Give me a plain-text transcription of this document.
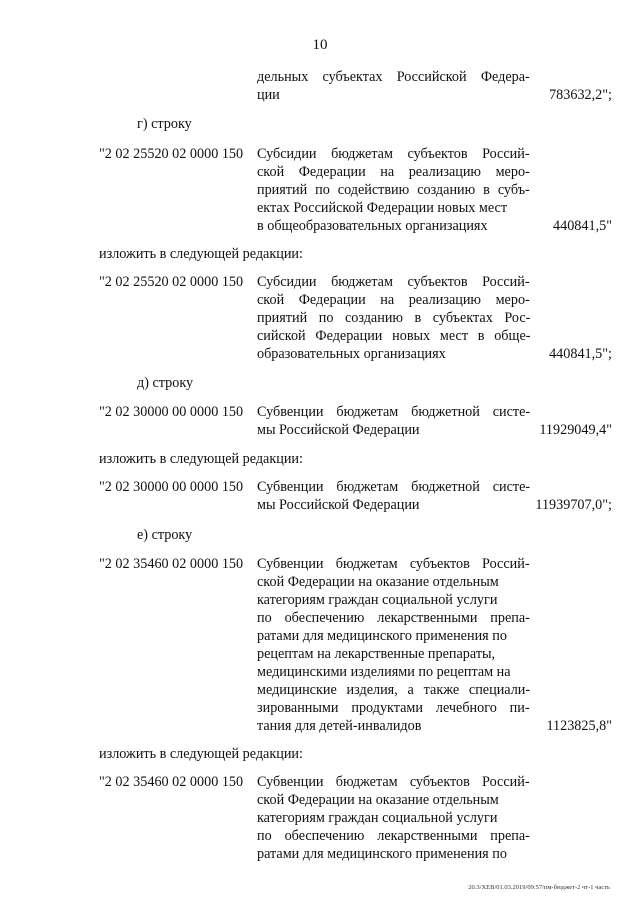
10
дельных субъектах Российской Федера-
ции	783632,2";
г) строку
"2 02 25520 02 0000 150 Субсидии бюджетам субъектов Россий-
ской Федерации на реализацию меро-
приятий по содействию созданию в субъ-
ектах Российской Федерации новых мест
в общеобразовательных организациях	440841,5"
изложить в следующей редакции:
"2 02 25520 02 0000 150 Субсидии бюджетам субъектов Россий-
ской Федерации на реализацию меро-
приятий по созданию в субъектах Рос-
сийской Федерации новых мест в обще-
образовательных организациях	440841,5";
д) строку
"2 02 30000 00 0000 150 Субвенции бюджетам бюджетной систе-
мы Российской Федерации	11929049,4"
изложить в следующей редакции:
"2 02 30000 00 0000 150 Субвенции бюджетам бюджетной систе-
мы Российской Федерации	11939707,0";
е) строку
"2 02 35460 02 0000 150 Субвенции бюджетам субъектов Россий-
ской Федерации на оказание отдельным
категориям граждан социальной услуги
по обеспечению лекарственными препа-
ратами для медицинского применения по
рецептам на лекарственные препараты,
медицинскими изделиями по рецептам на
медицинские изделия, а также специали-
зированными продуктами лечебного пи-
тания для детей-инвалидов	1123825,8"
изложить в следующей редакции:
"2 02 35460 02 0000 150 Субвенции бюджетам субъектов Россий-
ской Федерации на оказание отдельным
категориям граждан социальной услуги
по обеспечению лекарственными препа-
ратами для медицинского применения по
20.3/ХЕВ/01.03.2019/09:57/пм-бюджет-2 чт-1 часть
